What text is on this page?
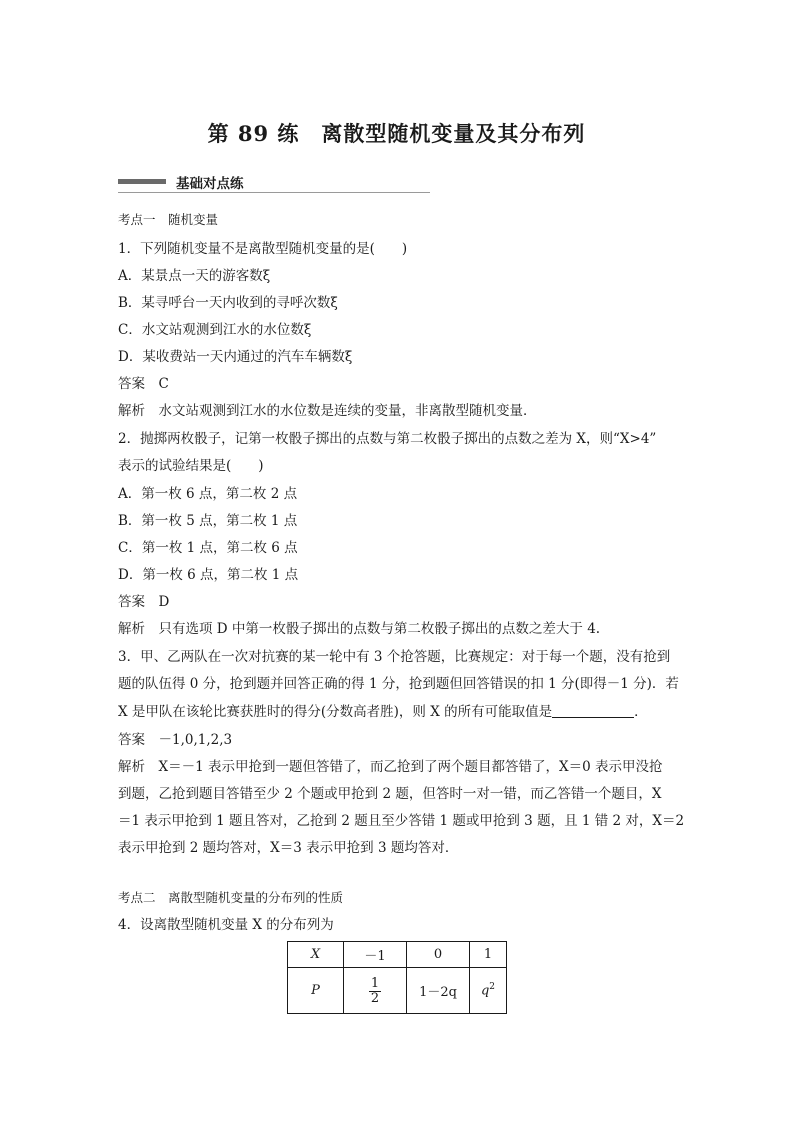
第 89 练　离散型随机变量及其分布列
基础对点练
考点一　随机变量
1．下列随机变量不是离散型随机变量的是(　　)
A．某景点一天的游客数ξ
B．某寻呼台一天内收到的寻呼次数ξ
C．水文站观测到江水的水位数ξ
D．某收费站一天内通过的汽车车辆数ξ
答案　C
解析　水文站观测到江水的水位数是连续的变量，非离散型随机变量．
2．抛掷两枚骰子，记第一枚骰子掷出的点数与第二枚骰子掷出的点数之差为 X，则“X>4”
表示的试验结果是(　　)
A．第一枚 6 点，第二枚 2 点
B．第一枚 5 点，第二枚 1 点
C．第一枚 1 点，第二枚 6 点
D．第一枚 6 点，第二枚 1 点
答案　D
解析　只有选项 D 中第一枚骰子掷出的点数与第二枚骰子掷出的点数之差大于 4.
3．甲、乙两队在一次对抗赛的某一轮中有 3 个抢答题，比赛规定：对于每一个题，没有抢到
题的队伍得 0 分，抢到题并回答正确的得 1 分，抢到题但回答错误的扣 1 分(即得－1 分)．若
X 是甲队在该轮比赛获胜时的得分(分数高者胜)，则 X 的所有可能取值是	．
答案　－1,0,1,2,3
解析　X＝－1 表示甲抢到一题但答错了，而乙抢到了两个题目都答错了，X＝0 表示甲没抢
到题，乙抢到题目答错至少 2 个题或甲抢到 2 题，但答时一对一错，而乙答错一个题目，X
＝1 表示甲抢到 1 题且答对，乙抢到 2 题且至少答错 1 题或甲抢到 3 题，且 1 错 2 对，X＝2
表示甲抢到 2 题均答对，X＝3 表示甲抢到 3 题均答对．
考点二　离散型随机变量的分布列的性质
4．设离散型随机变量 X 的分布列为
X	－1	0	1
P	$\frac{1}{2}$	1－2q	$q^2$
